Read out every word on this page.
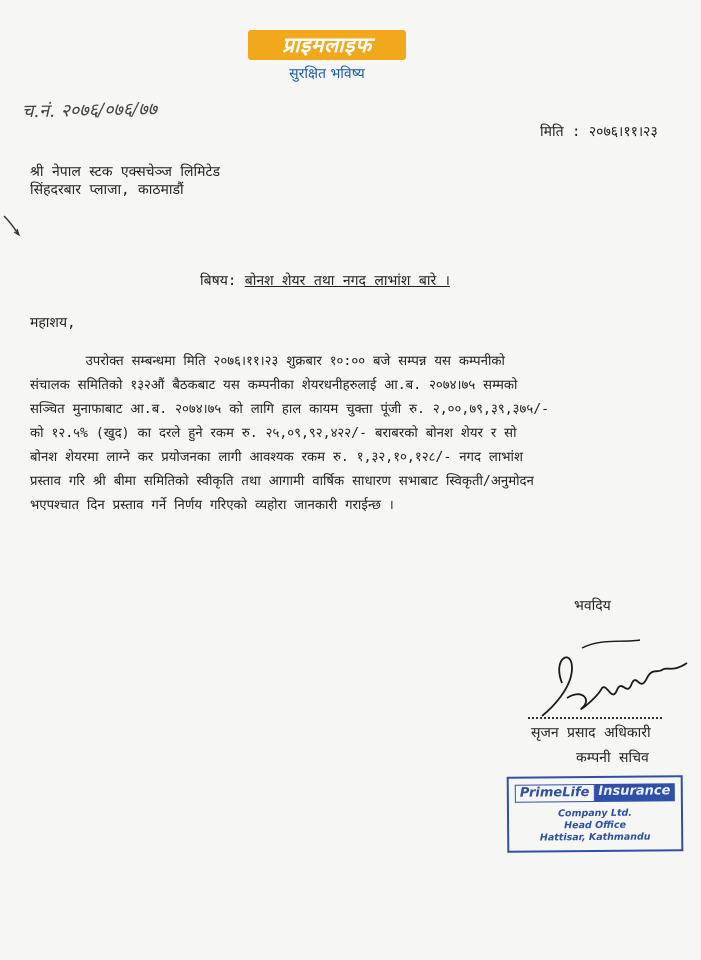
प्राइमलाइफ
सुरक्षित भविष्य
च.नं. २०७६/०७६/७७
मिति : २०७६।११।२३
श्री नेपाल स्टक एक्सचेञ्ज लिमिटेड
सिंहदरबार प्लाजा, काठमाडौं
बिषय: बोनश शेयर तथा नगद लाभांश बारे ।
महाशय,
उपरोक्त सम्बन्धमा मिति २०७६।११।२३ शुक्रबार १०:०० बजे सम्पन्न यस कम्पनीको
संचालक समितिको १३२औं बैठकबाट यस कम्पनीका शेयरधनीहरुलाई आ.ब. २०७४।७५ सम्मको
सञ्चित मुनाफाबाट आ.ब. २०७४।७५ को लागि हाल कायम चुक्ता पूंजी रु. २,००,७९,३९,३७५/-
को १२.५% (खुद) का दरले हुने रकम रु. २५,०९,९२,४२२/- बराबरको बोनश शेयर र सो
बोनश शेयरमा लाग्ने कर प्रयोजनका लागी आवश्यक रकम रु. १,३२,१०,१२८/- नगद लाभांश
प्रस्ताव गरि श्री बीमा समितिको स्वीकृति तथा आगामी वार्षिक साधारण सभाबाट स्विकृती/अनुमोदन
भएपश्चात दिन प्रस्ताव गर्ने निर्णय गरिएको व्यहोरा जानकारी गराईन्छ ।
भवदिय
सृजन प्रसाद अधिकारी
कम्पनी सचिव
PrimeLife Insurance
Company Ltd.
Head Office
Hattisar, Kathmandu
